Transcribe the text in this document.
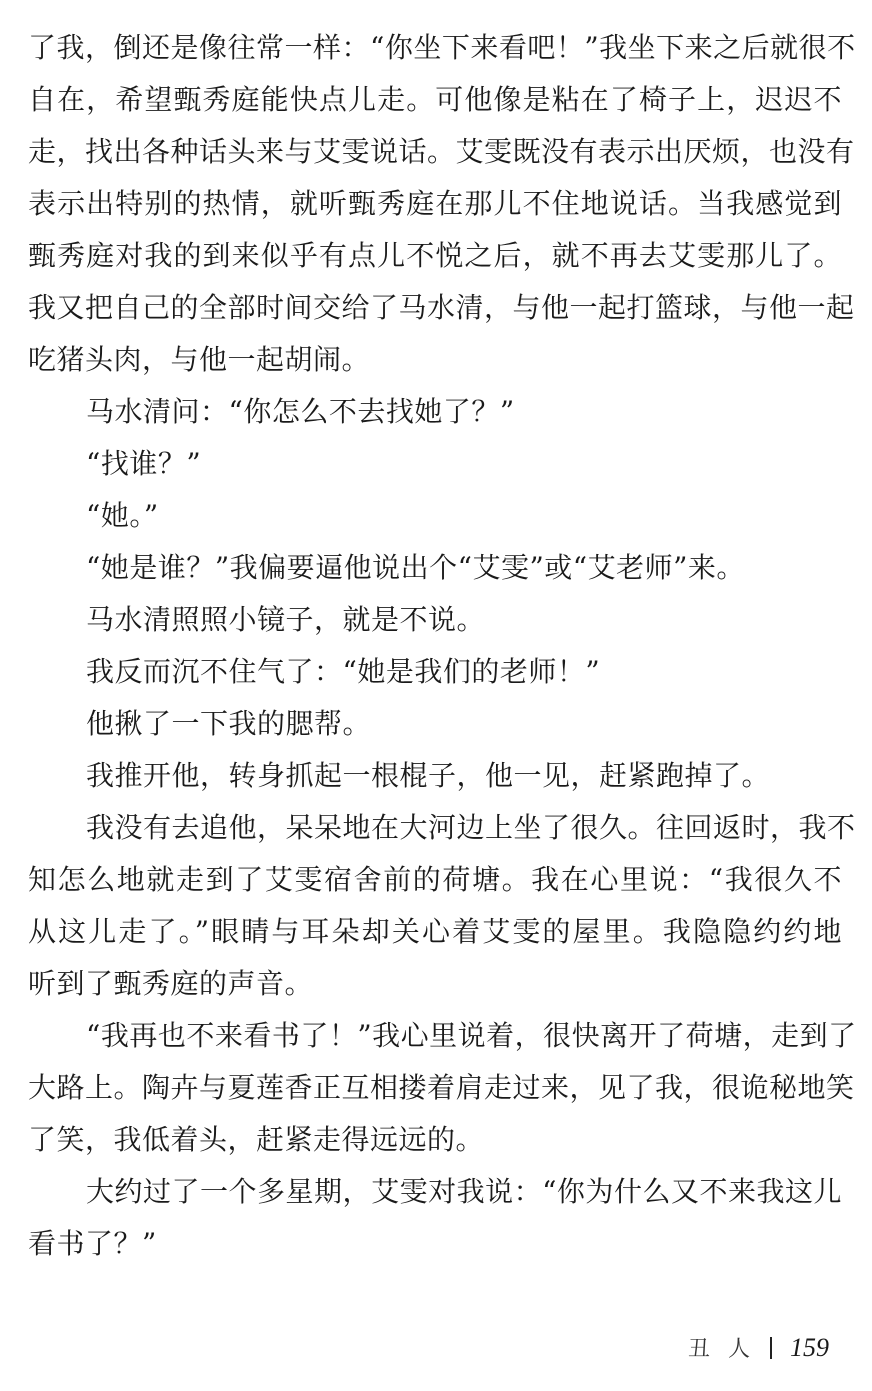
了我，倒还是像往常一样：“你坐下来看吧！”我坐下来之后就很不
自在，希望甄秀庭能快点儿走。可他像是粘在了椅子上，迟迟不
走，找出各种话头来与艾雯说话。艾雯既没有表示出厌烦，也没有
表示出特别的热情，就听甄秀庭在那儿不住地说话。当我感觉到
甄秀庭对我的到来似乎有点儿不悦之后，就不再去艾雯那儿了。
我又把自己的全部时间交给了马水清，与他一起打篮球，与他一起
吃猪头肉，与他一起胡闹。
马水清问：“你怎么不去找她了？”
“找谁？”
“她。”
“她是谁？”我偏要逼他说出个“艾雯”或“艾老师”来。
马水清照照小镜子，就是不说。
我反而沉不住气了：“她是我们的老师！”
他揪了一下我的腮帮。
我推开他，转身抓起一根棍子，他一见，赶紧跑掉了。
我没有去追他，呆呆地在大河边上坐了很久。往回返时，我不
知怎么地就走到了艾雯宿舍前的荷塘。我在心里说：“我很久不
从这儿走了。”眼睛与耳朵却关心着艾雯的屋里。我隐隐约约地
听到了甄秀庭的声音。
“我再也不来看书了！”我心里说着，很快离开了荷塘，走到了
大路上。陶卉与夏莲香正互相搂着肩走过来，见了我，很诡秘地笑
了笑，我低着头，赶紧走得远远的。
大约过了一个多星期，艾雯对我说：“你为什么又不来我这儿
看书了？”
丑人 159
